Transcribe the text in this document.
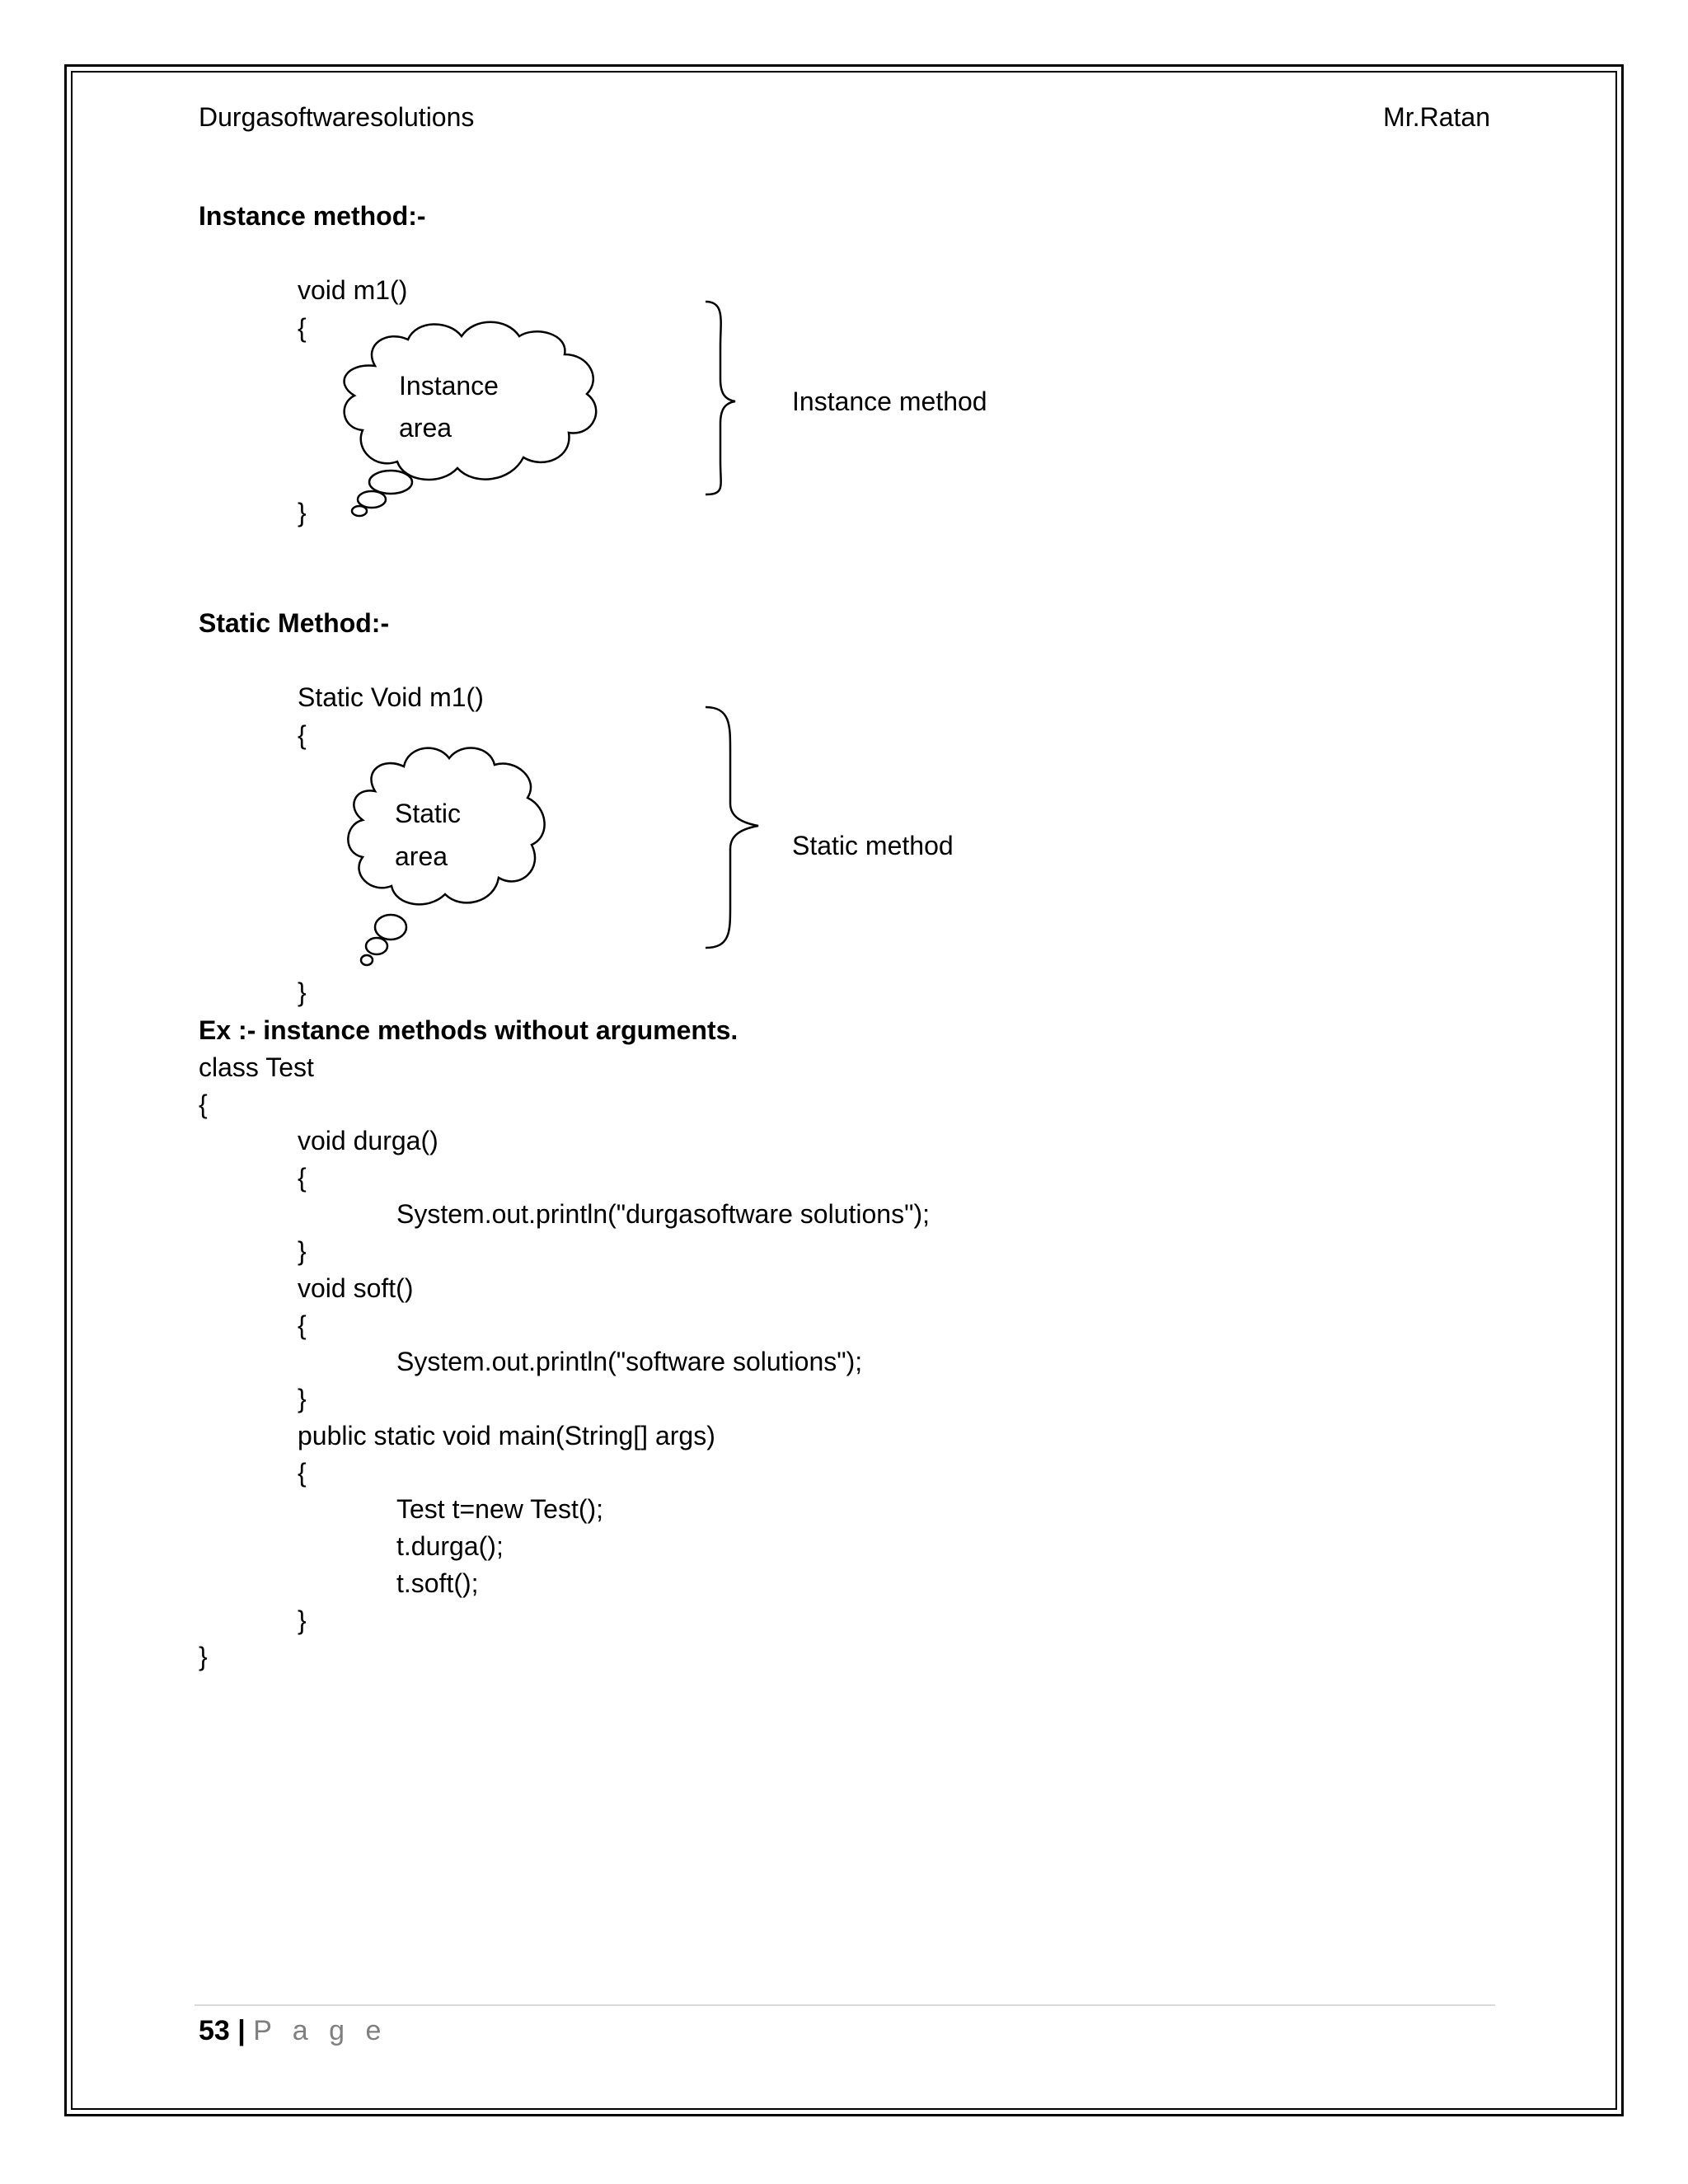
Durgasoftwaresolutions	Mr.Ratan
Instance method:-
void m1()
{
}
Instance
area
Instance method
Static Method:-
Static Void m1()
{
Static
area	Static method
}
Ex :- instance methods without arguments.
class Test
{
void durga()
{
System.out.println("durgasoftware solutions");
}
void soft()
{
System.out.println("software solutions");
}
public static void main(String[] args)
{
Test t=new Test();
t.durga();
t.soft();
}
}
53 | P a g e
